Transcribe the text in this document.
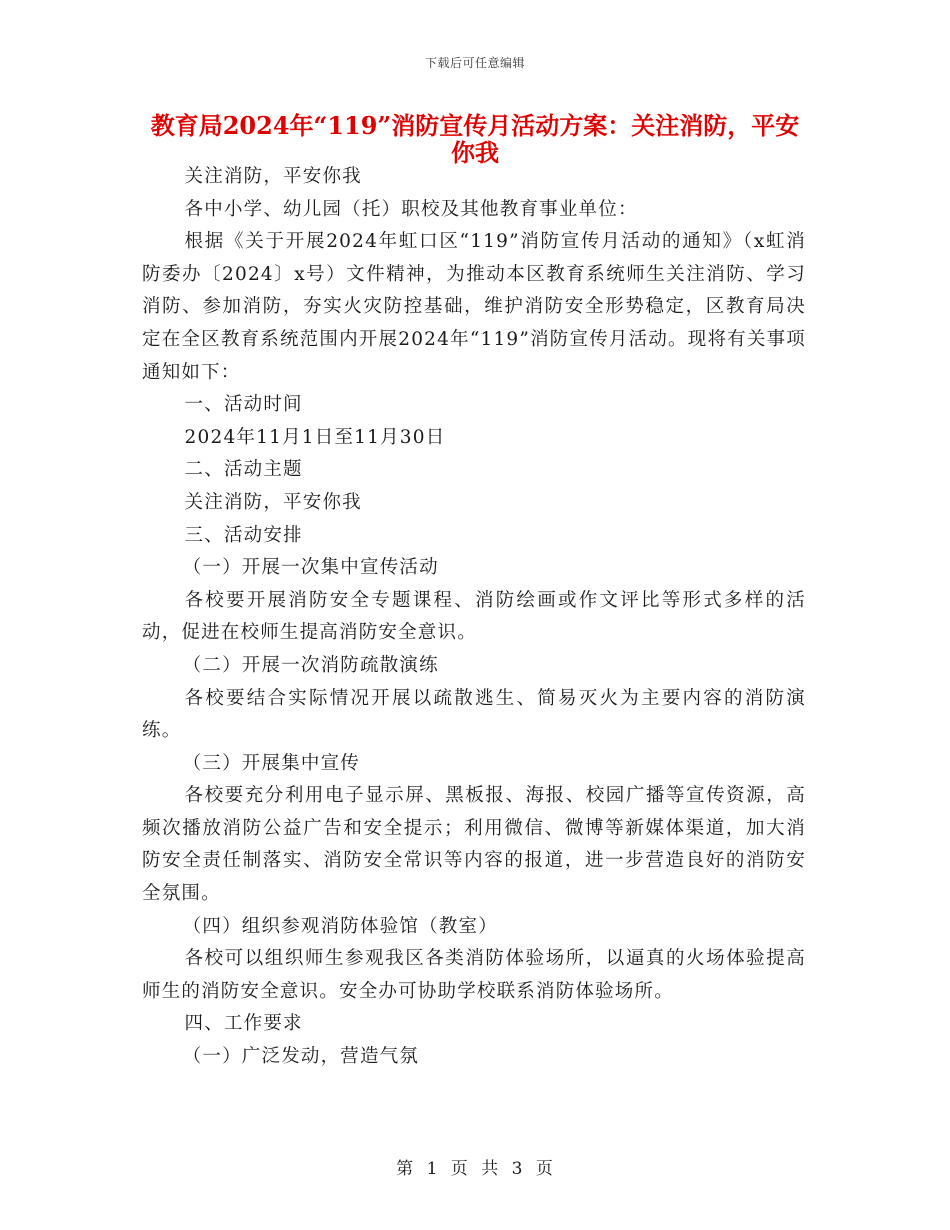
下载后可任意编辑
教育局2024年“119”消防宣传月活动方案：关注消防，平安你我

关注消防，平安你我

各中小学、幼儿园（托）职校及其他教育事业单位：

根据《关于开展2024年虹口区“119”消防宣传月活动的通知》（x虹消防委办〔2024〕x号）文件精神，为推动本区教育系统师生关注消防、学习消防、参加消防，夯实火灾防控基础，维护消防安全形势稳定，区教育局决定在全区教育系统范围内开展2024年“119”消防宣传月活动。现将有关事项通知如下：

一、活动时间

2024年11月1日至11月30日

二、活动主题

关注消防，平安你我

三、活动安排

（一）开展一次集中宣传活动

各校要开展消防安全专题课程、消防绘画或作文评比等形式多样的活动，促进在校师生提高消防安全意识。

（二）开展一次消防疏散演练

各校要结合实际情况开展以疏散逃生、简易灭火为主要内容的消防演练。

（三）开展集中宣传

各校要充分利用电子显示屏、黑板报、海报、校园广播等宣传资源，高频次播放消防公益广告和安全提示；利用微信、微博等新媒体渠道，加大消防安全责任制落实、消防安全常识等内容的报道，进一步营造良好的消防安全氛围。

（四）组织参观消防体验馆（教室）

各校可以组织师生参观我区各类消防体验场所，以逼真的火场体验提高师生的消防安全意识。安全办可协助学校联系消防体验场所。

四、工作要求

（一）广泛发动，营造气氛

第 1 页 共 3 页
